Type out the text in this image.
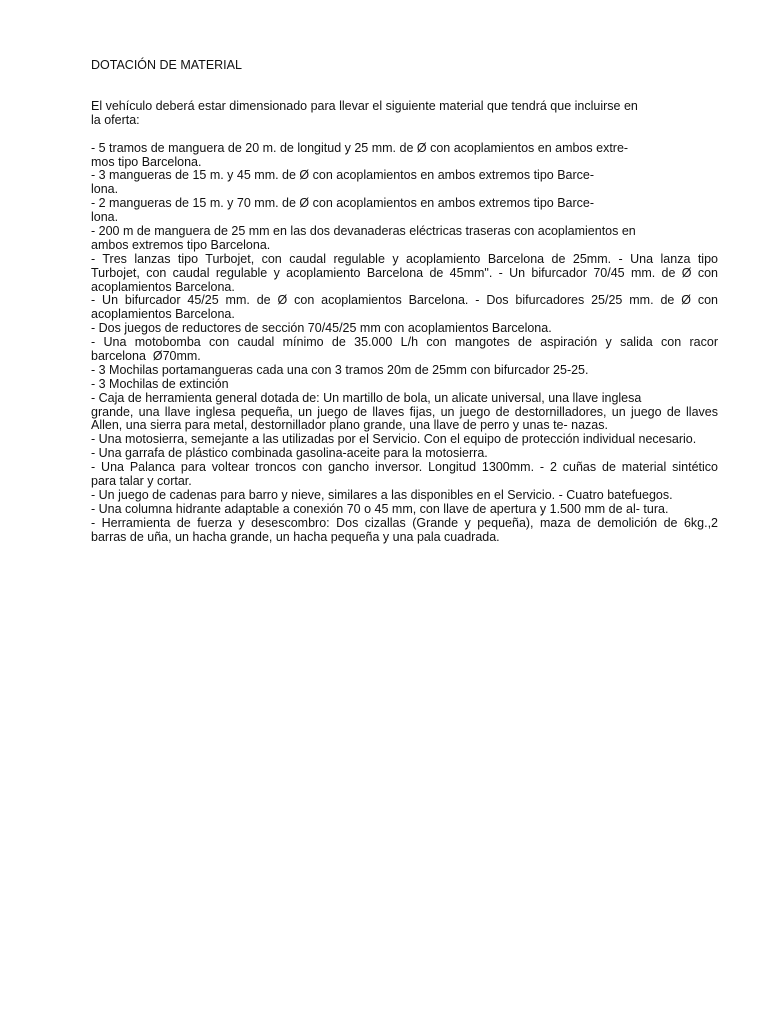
DOTACIÓN DE MATERIAL
El vehículo deberá estar dimensionado para llevar el siguiente material que tendrá que incluirse en
la oferta:
- 5 tramos de manguera de 20 m. de longitud y 25 mm. de Ø con acoplamientos en ambos extre-
mos tipo Barcelona.
- 3 mangueras de 15 m. y 45 mm. de Ø con acoplamientos en ambos extremos tipo Barce-
lona.
- 2 mangueras de 15 m. y 70 mm. de Ø con acoplamientos en ambos extremos tipo Barce-
lona.
- 200 m de manguera de 25 mm en las dos devanaderas eléctricas traseras con acoplamientos en
ambos extremos tipo Barcelona.
- Tres lanzas tipo Turbojet, con caudal regulable y acoplamiento Barcelona de 25mm. - Una lanza tipo
Turbojet, con caudal regulable y acoplamiento Barcelona de 45mm". - Un bifurcador 70/45 mm. de Ø con
acoplamientos Barcelona.
- Un bifurcador 45/25 mm. de Ø con acoplamientos Barcelona. - Dos bifurcadores 25/25 mm. de Ø con
acoplamientos Barcelona.
- Dos juegos de reductores de sección 70/45/25 mm con acoplamientos Barcelona.
- Una motobomba con caudal mínimo de 35.000 L/h con mangotes de aspiración y salida con racor
barcelona  Ø70mm.
- 3 Mochilas portamangueras cada una con 3 tramos 20m de 25mm con bifurcador 25-25.
- 3 Mochilas de extinción
- Caja de herramienta general dotada de: Un martillo de bola, un alicate universal, una llave inglesa
grande, una llave inglesa pequeña, un juego de llaves fijas, un juego de destornilladores, un juego de llaves
Allen, una sierra para metal, destornillador plano grande, una llave de perro y unas te- nazas.
- Una motosierra, semejante a las utilizadas por el Servicio. Con el equipo de protección individual necesario.
- Una garrafa de plástico combinada gasolina-aceite para la motosierra.
- Una Palanca para voltear troncos con gancho inversor. Longitud 1300mm. - 2 cuñas de material sintético
para talar y cortar.
- Un juego de cadenas para barro y nieve, similares a las disponibles en el Servicio. - Cuatro batefuegos.
- Una columna hidrante adaptable a conexión 70 o 45 mm, con llave de apertura y 1.500 mm de al- tura.
- Herramienta de fuerza y desescombro: Dos cizallas (Grande y pequeña), maza de demolición de 6kg.,2
barras de uña, un hacha grande, un hacha pequeña y una pala cuadrada.
